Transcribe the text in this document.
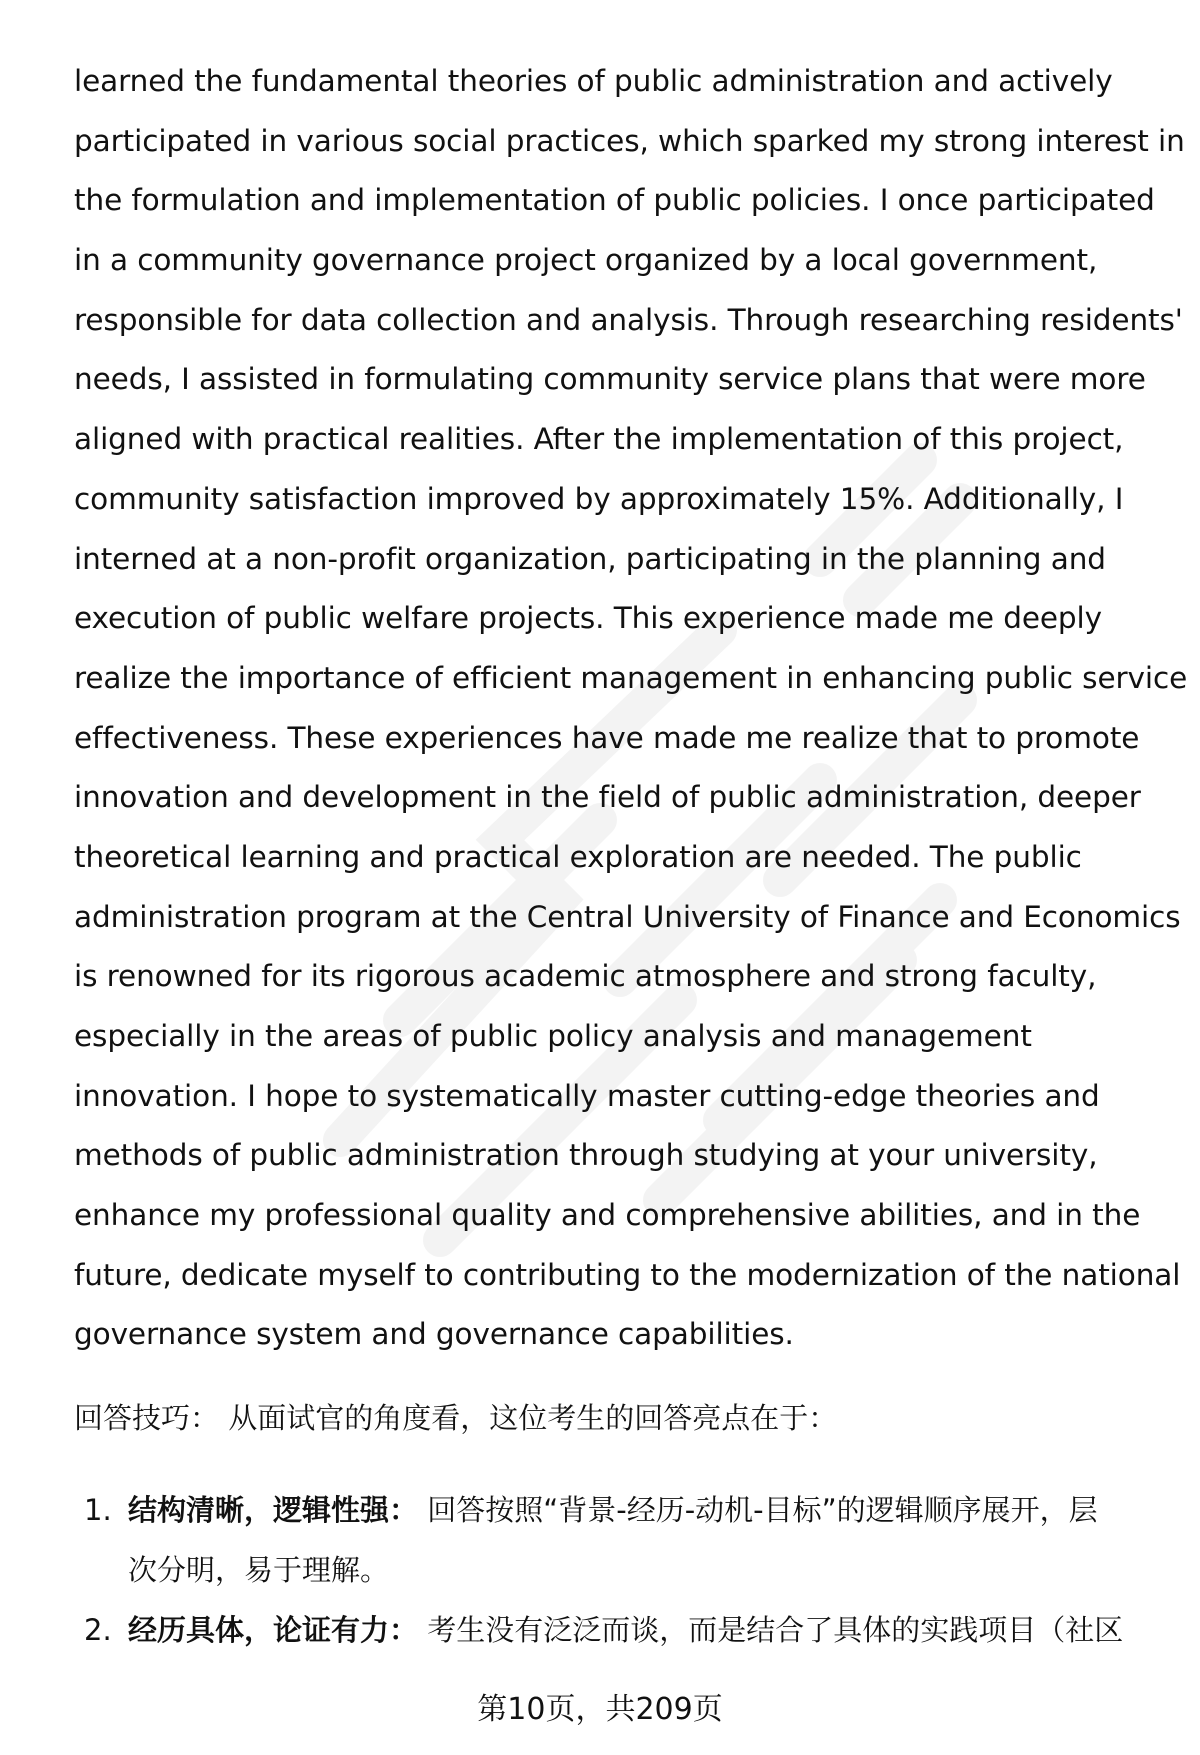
learned the fundamental theories of public administration and actively
participated in various social practices, which sparked my strong interest in
the formulation and implementation of public policies. I once participated
in a community governance project organized by a local government,
responsible for data collection and analysis. Through researching residents'
needs, I assisted in formulating community service plans that were more
aligned with practical realities. After the implementation of this project,
community satisfaction improved by approximately 15%. Additionally, I
interned at a non-profit organization, participating in the planning and
execution of public welfare projects. This experience made me deeply
realize the importance of efficient management in enhancing public service
effectiveness. These experiences have made me realize that to promote
innovation and development in the field of public administration, deeper
theoretical learning and practical exploration are needed. The public
administration program at the Central University of Finance and Economics
is renowned for its rigorous academic atmosphere and strong faculty,
especially in the areas of public policy analysis and management
innovation. I hope to systematically master cutting-edge theories and
methods of public administration through studying at your university,
enhance my professional quality and comprehensive abilities, and in the
future, dedicate myself to contributing to the modernization of the national
governance system and governance capabilities.
回答技巧： 从面试官的角度看，这位考生的回答亮点在于：
1. 结构清晰，逻辑性强： 回答按照“背景-经历-动机-目标”的逻辑顺序展开，层
次分明，易于理解。
2. 经历具体，论证有力： 考生没有泛泛而谈，而是结合了具体的实践项目（社区
第10页，共209页
